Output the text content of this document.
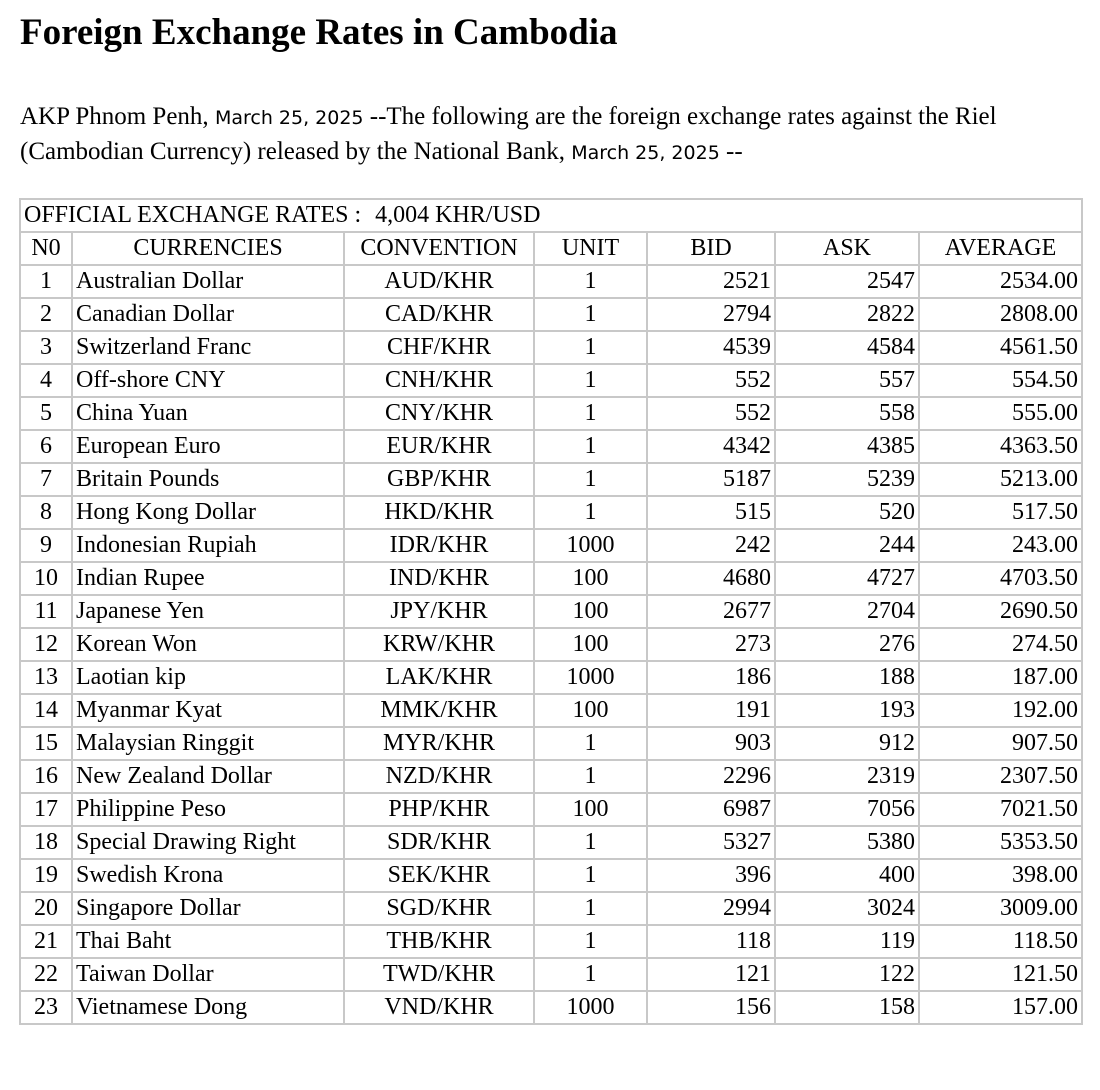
Foreign Exchange Rates in Cambodia

AKP Phnom Penh, March 25, 2025 --The following are the foreign exchange rates against the Riel (Cambodian Currency) released by the National Bank, March 25, 2025 --

OFFICIAL EXCHANGE RATES : 4,004 KHR/USD						
N0	CURRENCIES	CONVENTION	UNIT	BID	ASK	AVERAGE
1	Australian Dollar	AUD/KHR	1	2521	2547	2534.00
2	Canadian Dollar	CAD/KHR	1	2794	2822	2808.00
3	Switzerland Franc	CHF/KHR	1	4539	4584	4561.50
4	Off-shore CNY	CNH/KHR	1	552	557	554.50
5	China Yuan	CNY/KHR	1	552	558	555.00
6	European Euro	EUR/KHR	1	4342	4385	4363.50
7	Britain Pounds	GBP/KHR	1	5187	5239	5213.00
8	Hong Kong Dollar	HKD/KHR	1	515	520	517.50
9	Indonesian Rupiah	IDR/KHR	1000	242	244	243.00
10	Indian Rupee	IND/KHR	100	4680	4727	4703.50
11	Japanese Yen	JPY/KHR	100	2677	2704	2690.50
12	Korean Won	KRW/KHR	100	273	276	274.50
13	Laotian kip	LAK/KHR	1000	186	188	187.00
14	Myanmar Kyat	MMK/KHR	100	191	193	192.00
15	Malaysian Ringgit	MYR/KHR	1	903	912	907.50
16	New Zealand Dollar	NZD/KHR	1	2296	2319	2307.50
17	Philippine Peso	PHP/KHR	100	6987	7056	7021.50
18	Special Drawing Right	SDR/KHR	1	5327	5380	5353.50
19	Swedish Krona	SEK/KHR	1	396	400	398.00
20	Singapore Dollar	SGD/KHR	1	2994	3024	3009.00
21	Thai Baht	THB/KHR	1	118	119	118.50
22	Taiwan Dollar	TWD/KHR	1	121	122	121.50
23	Vietnamese Dong	VND/KHR	1000	156	158	157.00
